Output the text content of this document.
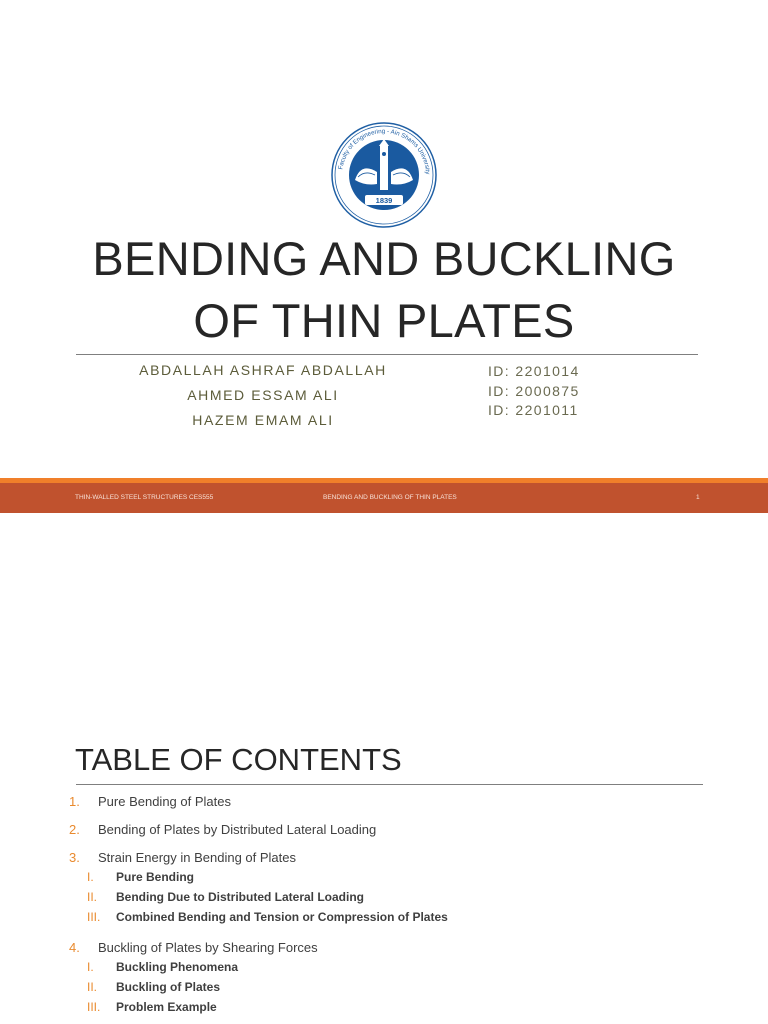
Faculty of Engineering - Ain Shams University
1839
BENDING AND BUCKLING
OF THIN PLATES
ABDALLAH ASHRAF ABDALLAH
AHMED ESSAM ALI
HAZEM EMAM ALI
ID: 2201014
ID: 2000875
ID: 2201011
THIN-WALLED STEEL STRUCTURES CES555	BENDING AND BUCKLING OF THIN PLATES	1
TABLE OF CONTENTS
1. Pure Bending of Plates
2. Bending of Plates by Distributed Lateral Loading
3. Strain Energy in Bending of Plates
I. Pure Bending
II. Bending Due to Distributed Lateral Loading
III. Combined Bending and Tension or Compression of Plates
4. Buckling of Plates by Shearing Forces
I. Buckling Phenomena
II. Buckling of Plates
III. Problem Example
